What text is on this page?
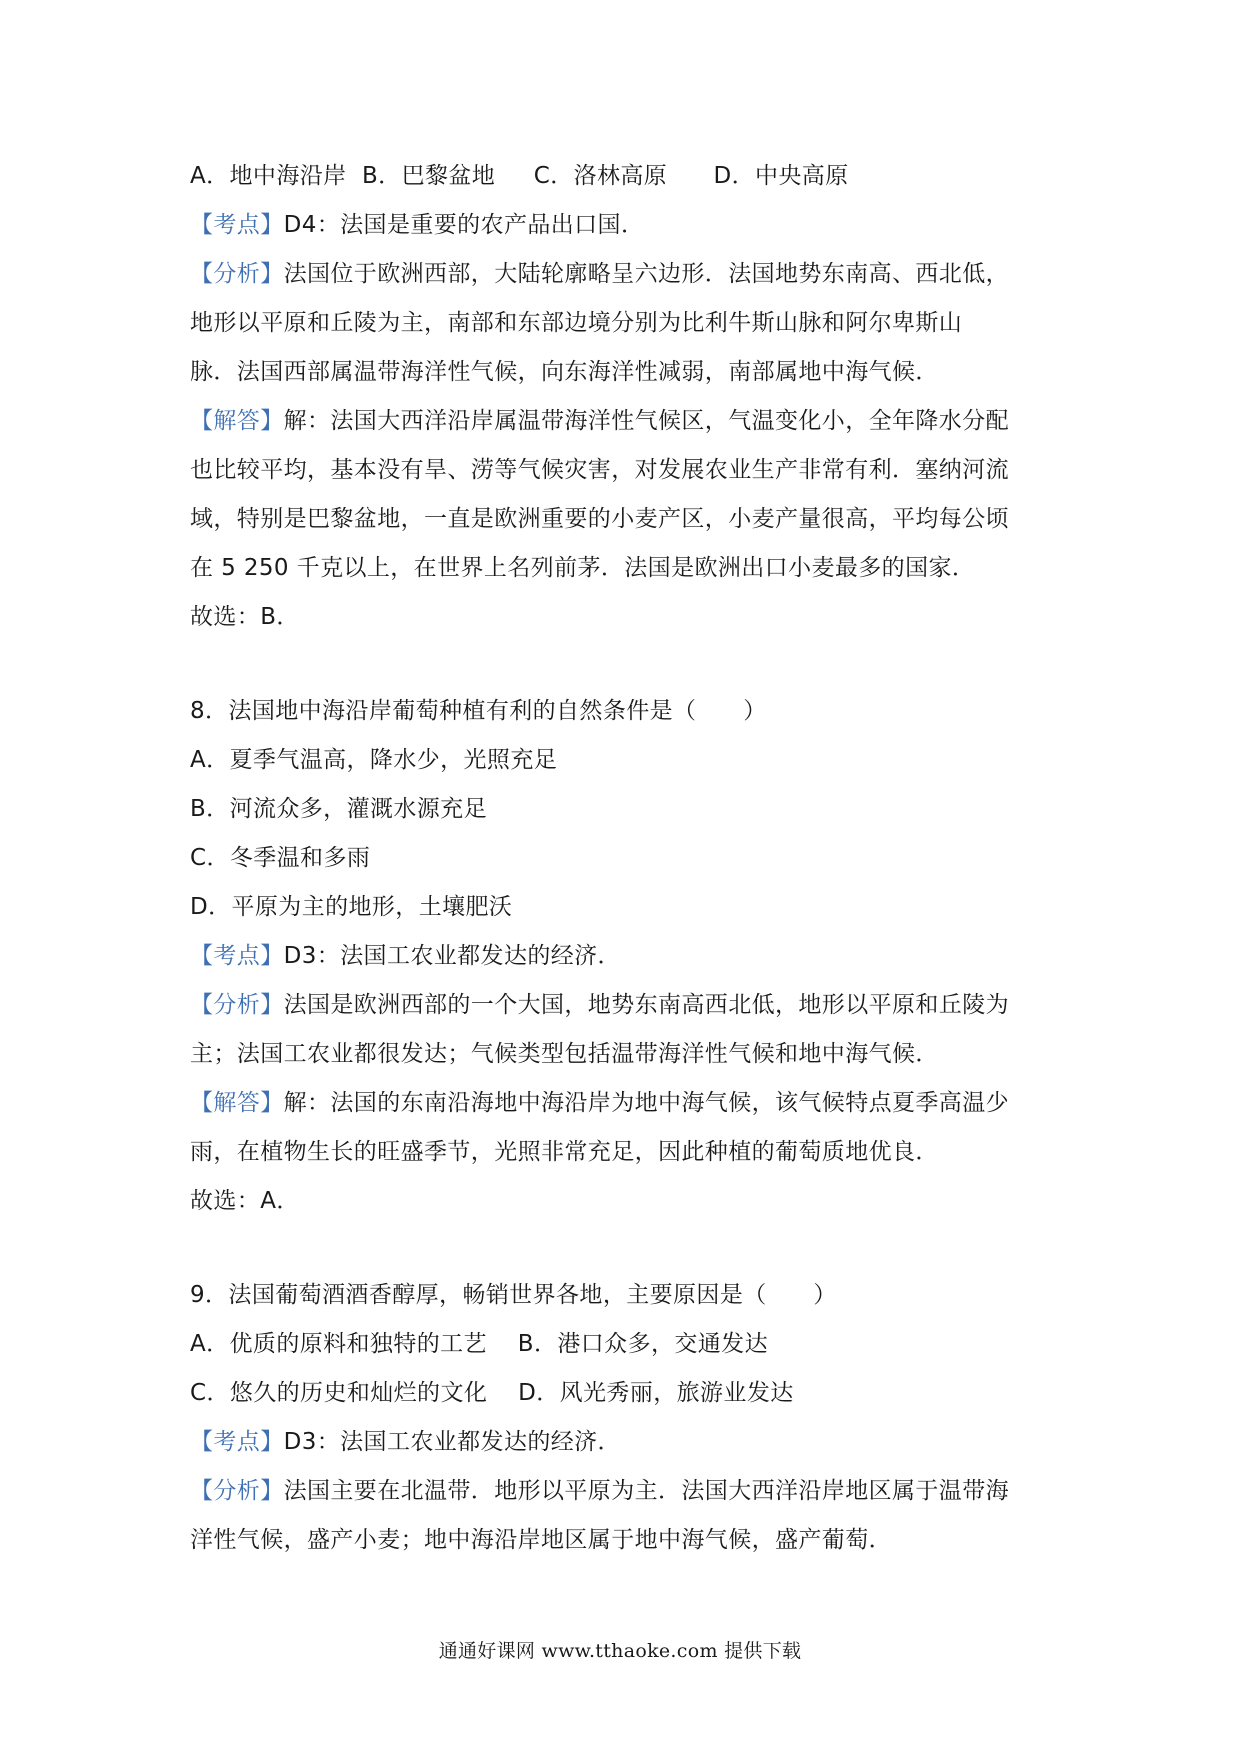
A．地中海沿岸 B．巴黎盆地 C．洛林高原 D．中央高原
【考点】D4：法国是重要的农产品出口国．
【分析】法国位于欧洲西部，大陆轮廓略呈六边形．法国地势东南高、西北低，
地形以平原和丘陵为主，南部和东部边境分别为比利牛斯山脉和阿尔卑斯山
脉．法国西部属温带海洋性气候，向东海洋性减弱，南部属地中海气候．
【解答】解：法国大西洋沿岸属温带海洋性气候区，气温变化小，全年降水分配
也比较平均，基本没有旱、涝等气候灾害，对发展农业生产非常有利．塞纳河流
域，特别是巴黎盆地，一直是欧洲重要的小麦产区，小麦产量很高，平均每公顷
在 5 250 千克以上，在世界上名列前茅．法国是欧洲出口小麦最多的国家．
故选：B．
8．法国地中海沿岸葡萄种植有利的自然条件是（　　）
A．夏季气温高，降水少，光照充足
B．河流众多，灌溉水源充足
C．冬季温和多雨
D．平原为主的地形，土壤肥沃
【考点】D3：法国工农业都发达的经济．
【分析】法国是欧洲西部的一个大国，地势东南高西北低，地形以平原和丘陵为
主；法国工农业都很发达；气候类型包括温带海洋性气候和地中海气候．
【解答】解：法国的东南沿海地中海沿岸为地中海气候，该气候特点夏季高温少
雨，在植物生长的旺盛季节，光照非常充足，因此种植的葡萄质地优良．
故选：A．
9．法国葡萄酒酒香醇厚，畅销世界各地，主要原因是（　　）
A．优质的原料和独特的工艺 B．港口众多，交通发达
C．悠久的历史和灿烂的文化 D．风光秀丽，旅游业发达
【考点】D3：法国工农业都发达的经济．
【分析】法国主要在北温带．地形以平原为主．法国大西洋沿岸地区属于温带海
洋性气候，盛产小麦；地中海沿岸地区属于地中海气候，盛产葡萄．
通通好课网 www.tthaoke.com 提供下载
